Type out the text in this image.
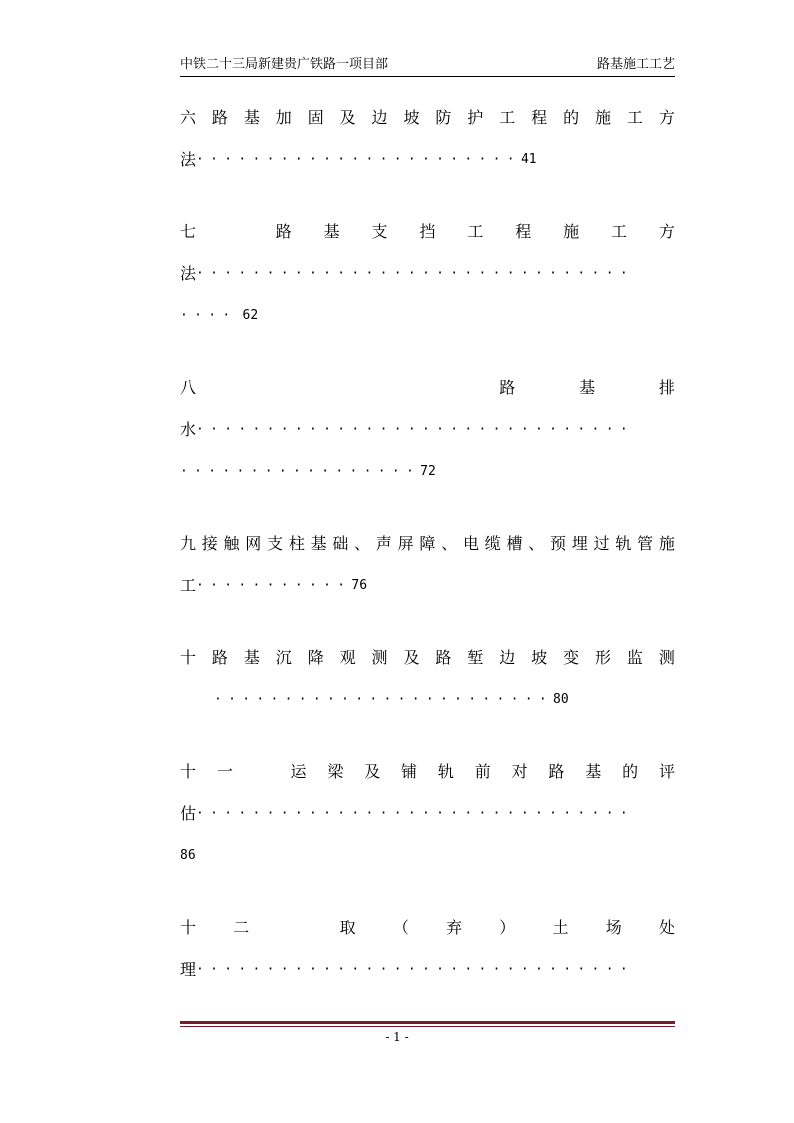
中铁二十三局新建贵广铁路一项目部	路基施工工艺
六 路 基 加 固 及 边 坡 防 护 工 程 的 施 工 方
法 ······················· 41
七	路 基 支 挡 工 程 施 工 方
法 ·······························
···· 62
八	路	基	排
水 ·······························
················· 72
九 接 触 网 支 柱 基 础 、 声 屏 障 、 电 缆 槽 、 预 埋 过 轨 管 施
工 ··········· 76
十 路 基 沉 降 观 测 及 路 堑 边 坡 变 形 监 测
························ 80
十 一	运 梁 及 铺 轨 前 对 路 基 的 评
估 ·······························
86
十 二	取 （ 弃 ） 土 场 处
理 ·······························
- 1 -
